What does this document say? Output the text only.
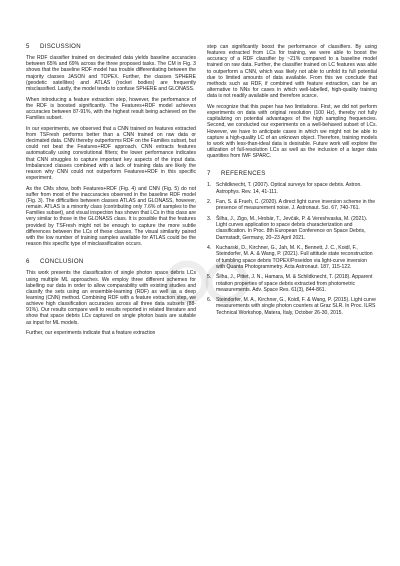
5 DISCUSSION

The RDF classifier trained on decimated data yields baseline accuracies between 65% and 69% across the three proposed tasks. The CM in Fig. 3 shows that the baseline RDF model has trouble differentiating between the majority classes JASON and TOPEX. Further, the classes SPHERE (geodetic satellites) and ATLAS (rocket bodies) are frequently misclassified. Lastly, the model tends to confuse SPHERE and GLONASS.

When introducing a feature extraction step, however, the performance of the RDF is boosted significantly. The Features+RDF model achieves accuracies between 87-91%, with the highest result being achieved on the Families subset.

In our experiments, we observed that a CNN trained on features extracted from TSFresh performs better than a CNN trained on raw data or decimated data. CNN thereby outperforms RDF on the Families subset, but could not beat the Features+RDF approach. CNN extracts features automatically using convolutional filters; the lower performance indicates that CNN struggles to capture important key aspects of the input data. Imbalanced classes combined with a lack of training data are likely the reason why CNN could not outperform Features+RDF in this specific experiment.

As the CMs show, both Features+RDF (Fig. 4) and CNN (Fig. 5) do not suffer from most of the inaccuracies observed in the baseline RDF model (Fig. 3). The difficulties between classes ATLAS and GLONASS, however, remain. ATLAS is a minority class (contributing only 7.6% of samples to the Families subset), and visual inspection has shown that LCs in this class are very similar to those in the GLONASS class. It is possible that the features provided by TSFresh might not be enough to capture the more subtle differences between the LCs of these classes. The visual similarity paired with the low number of training samples available for ATLAS could be the reason this specific type of misclassification occurs.

6 CONCLUSION

This work presents the classification of single photon space debris LCs using multiple ML approaches. We employ three different schemes for labelling our data in order to allow comparability with existing studies and classify the sets using an ensemble-learning (RDF) as well as a deep learning (CNN) method. Combining RDF with a feature extraction step, we achieve high classification accuracies across all three data subsets (88-91%). Our results compare well to results reported in related literature and show that space debris LCs captured on single photon basis are suitable as input for ML models.

Further, our experiments indicate that a feature extraction

step can significantly boost the performance of classifiers. By using features extracted from LCs for training, we were able to boost the accuracy of a RDF classifier by ~21% compared to a baseline model trained on raw data. Further, the classifier trained on LC features was able to outperform a CNN, which was likely not able to unfold its full potential due to limited amounts of data available. From this we conclude that methods such as RDF, if combined with feature extraction, can be an alternative to NNs for cases in which well-labelled, high-quality training data is not readily available and therefore scarce.

We recognize that this paper has two limitations. First, we did not perform experiments on data with original resolution (100 Hz), thereby not fully capitalizing on potential advantages of the high sampling frequencies. Second, we conducted our experiments on a well-behaved subset of LCs. However, we have to anticipate cases in which we might not be able to capture a high-quality LC of an unknown object. Therefore, training models to work with less-than-ideal data is desirable. Future work will explore the utilization of full-resolution LCs as well as the inclusion of a larger data quantities from IWF SPARC.

7 REFERENCES
1. Schildknecht, T. (2007). Optical surveys for space debris. Astron. Astrophys. Rev. 14, 41-111.
2. Fan, S. & Frueh, C. (2020). A direct light curve inversion scheme in the presence of measurement noise. J. Astronaut. Sci. 67, 740-761.
3. Šilha, J., Zigo, M., Hrobár, T., Jevčák, P. & Vereshvaska, M. (2021). Light curves application to space debris characterization and classification. In Proc. 8th European Conference on Space Debris, Darmstadt, Germany, 20–23 April 2021.
4. Kucharski, D., Kirchner, G., Jah, M. K., Bennett, J. C., Koidl, F., Steindorfer, M. A. & Wang, P. (2021). Full attitude state reconstruction of tumbling space debris TOPEX/Poseidon via light-curve inversion with Quanta Photogrammetry. Acta Astronaut. 187, 115-122.
5. Šilha, J., Pittet, J. N., Hamara, M. & Schildknecht, T. (2018). Apparent rotation properties of space debris extracted from photometric measurements. Adv. Space Res. 61(3), 844-861.
6. Steindorfer, M. A., Kirchner, G., Koidl, F. & Wang, P. (2015). Light curve measurements with single photon counters at Graz SLR. In Proc. ILRS Technical Workshop, Matera, Italy, October 26-30, 2015.
